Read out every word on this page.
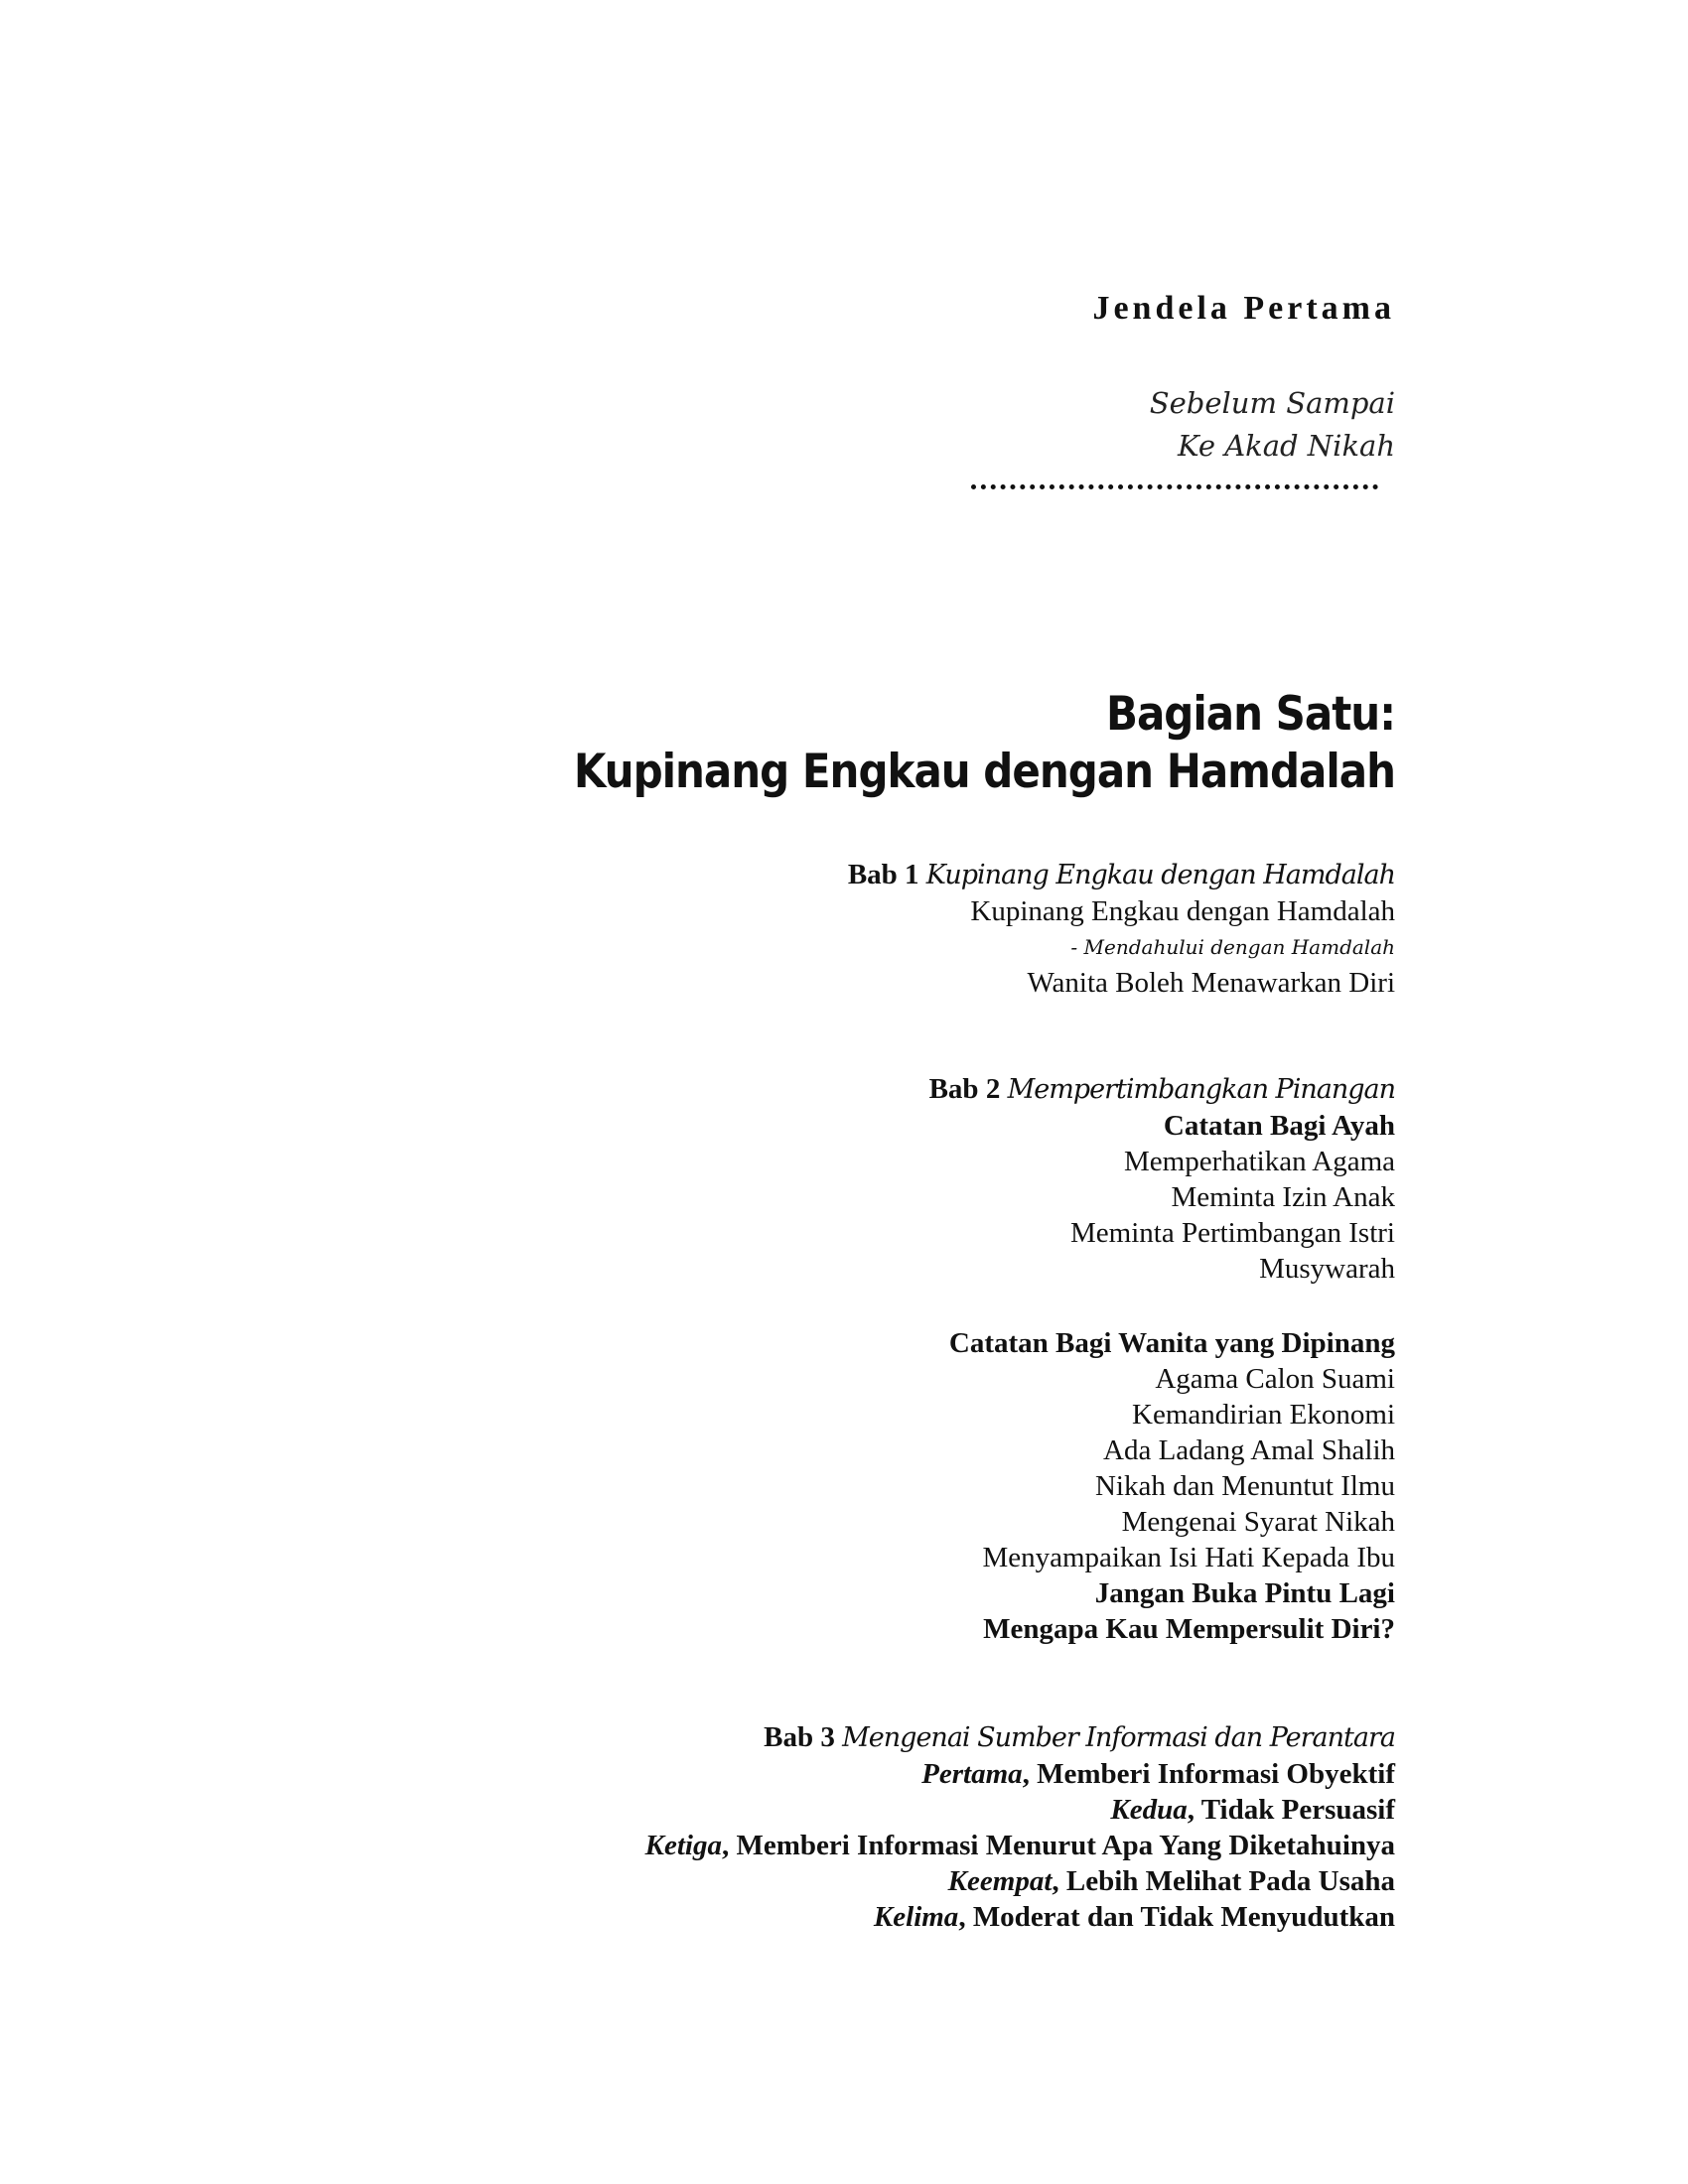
Jendela Pertama
Sebelum Sampai
Ke Akad Nikah
Bagian Satu:
Kupinang Engkau dengan Hamdalah
Bab 1 Kupinang Engkau dengan Hamdalah
Kupinang Engkau dengan Hamdalah
- Mendahului dengan Hamdalah
Wanita Boleh Menawarkan Diri
Bab 2 Mempertimbangkan Pinangan
Catatan Bagi Ayah
Memperhatikan Agama
Meminta Izin Anak
Meminta Pertimbangan Istri
Musywarah
Catatan Bagi Wanita yang Dipinang
Agama Calon Suami
Kemandirian Ekonomi
Ada Ladang Amal Shalih
Nikah dan Menuntut Ilmu
Mengenai Syarat Nikah
Menyampaikan Isi Hati Kepada Ibu
Jangan Buka Pintu Lagi
Mengapa Kau Mempersulit Diri?
Bab 3 Mengenai Sumber Informasi dan Perantara
Pertama, Memberi Informasi Obyektif
Kedua, Tidak Persuasif
Ketiga, Memberi Informasi Menurut Apa Yang Diketahuinya
Keempat, Lebih Melihat Pada Usaha
Kelima, Moderat dan Tidak Menyudutkan
